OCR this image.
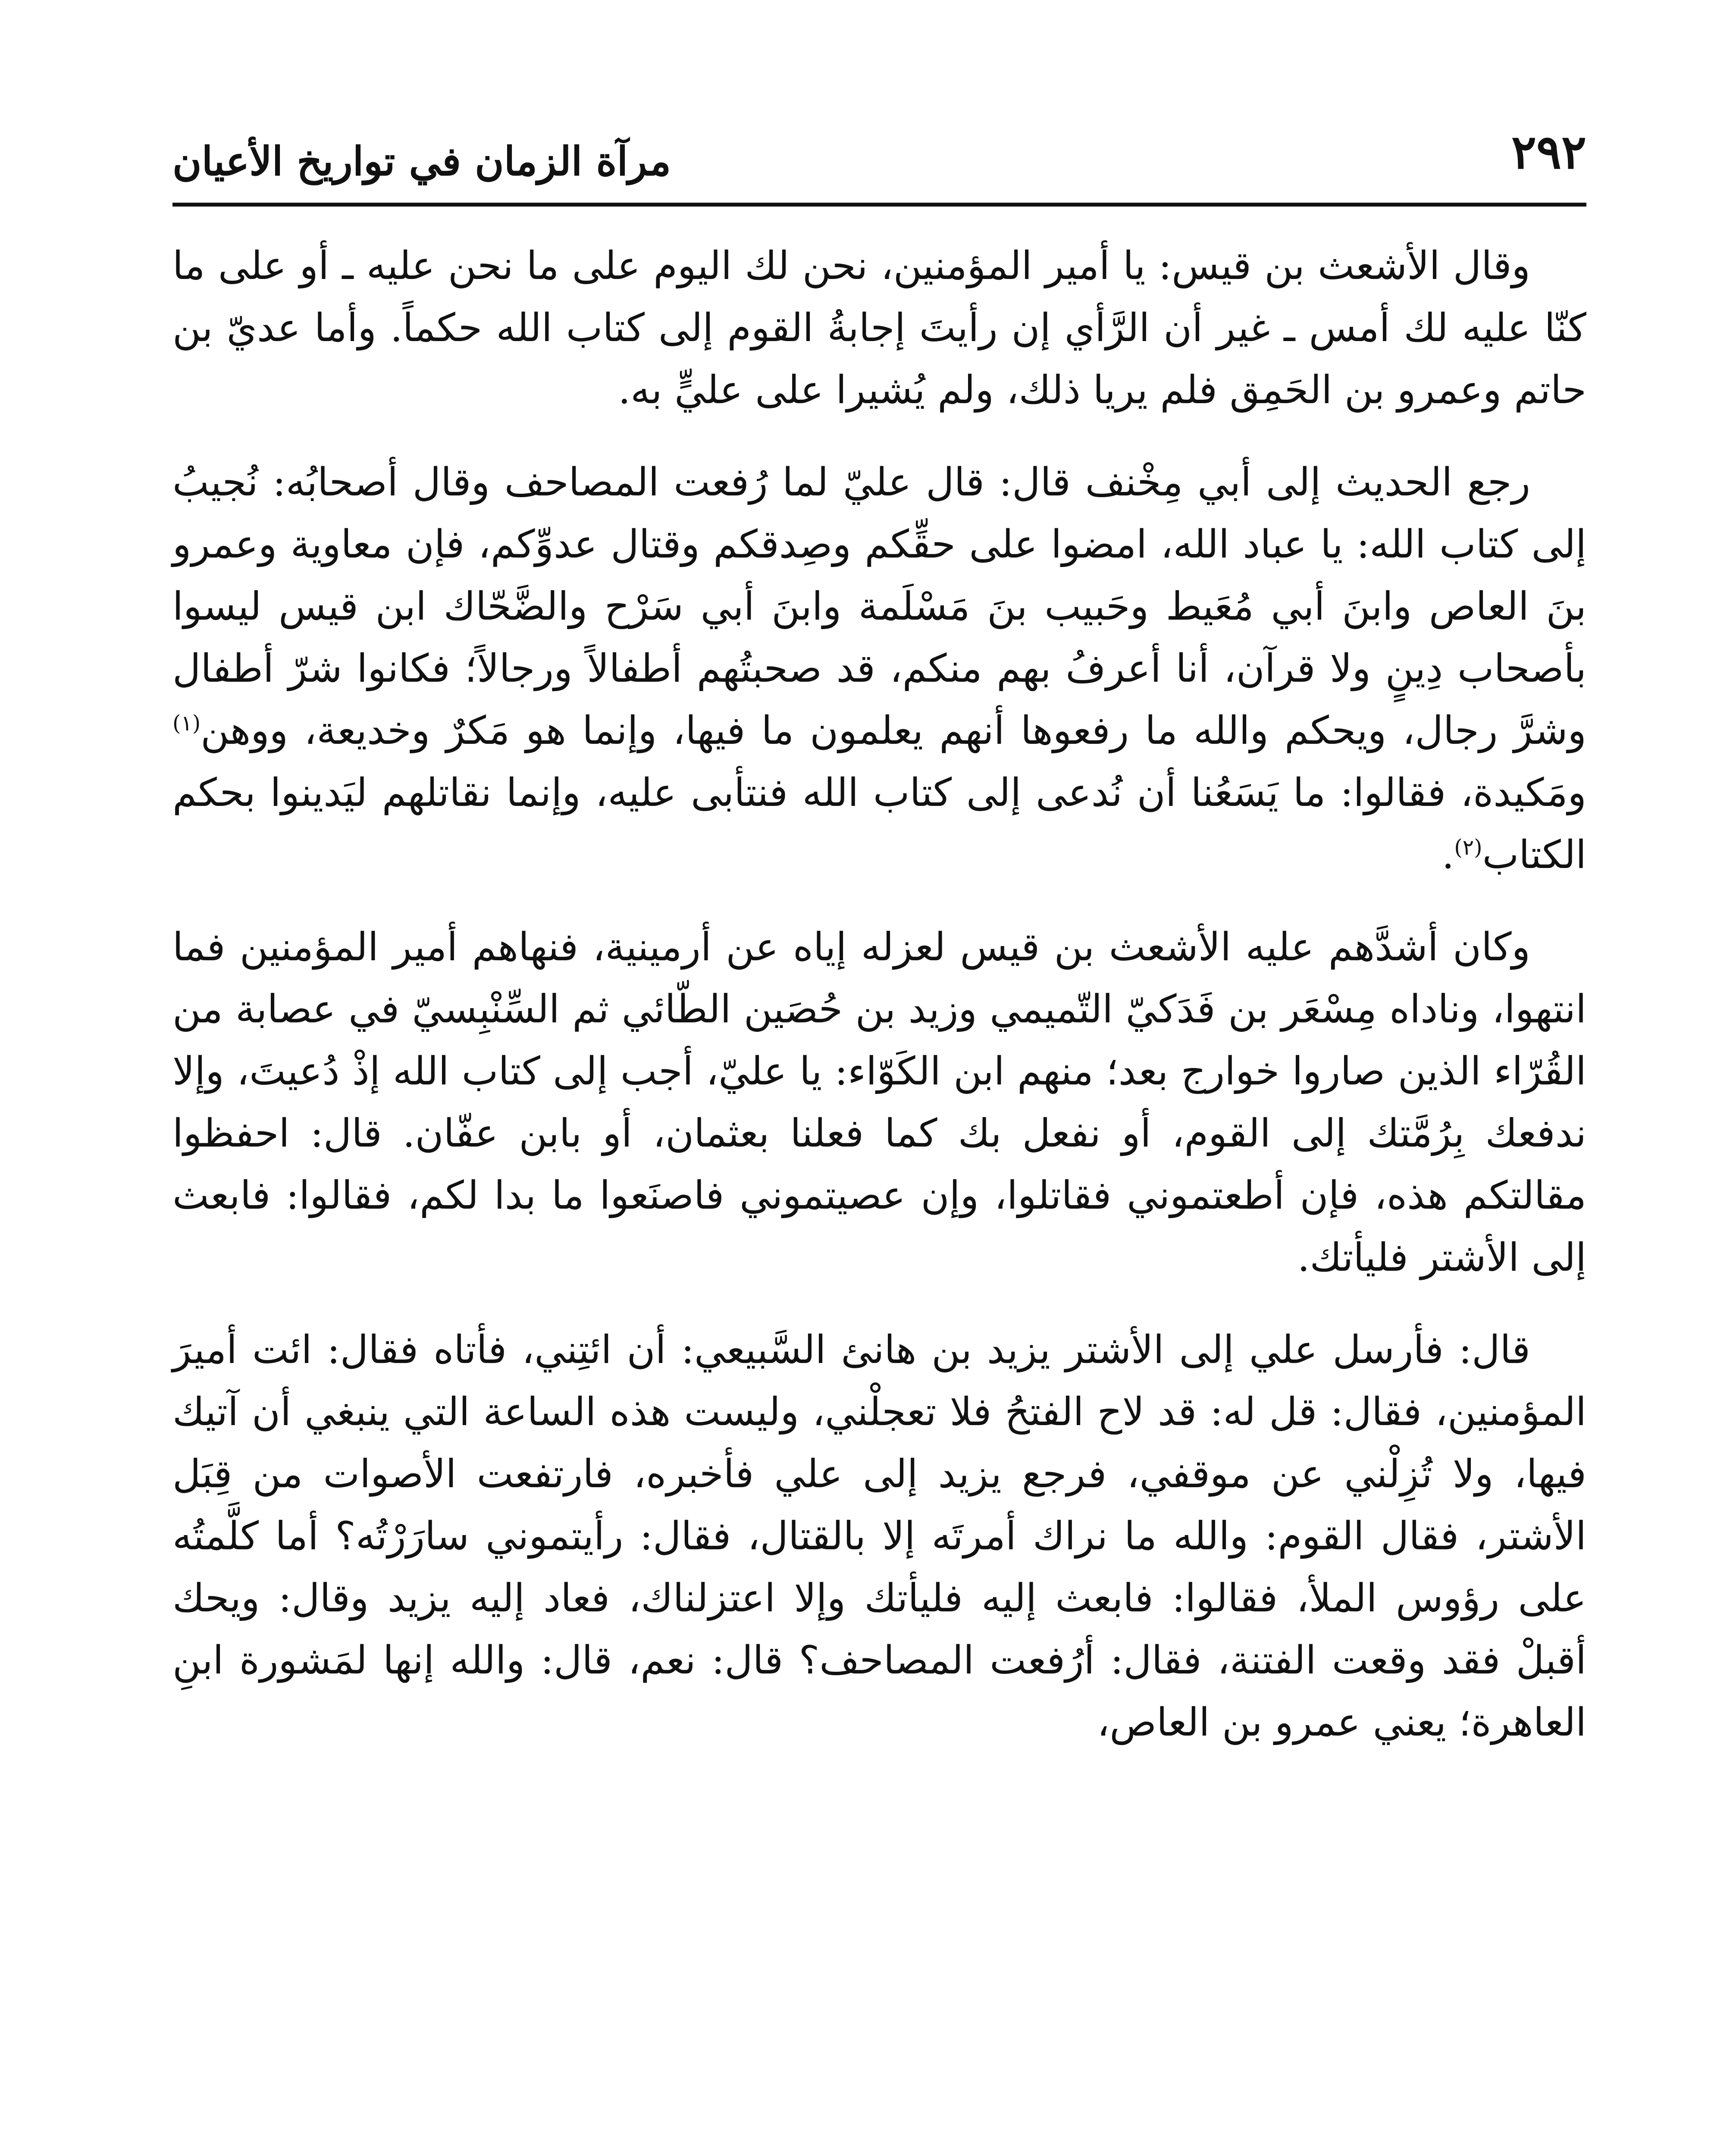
٢٩٢
مرآة الزمان في تواريخ الأعيان

وقال الأشعث بن قيس: يا أمير المؤمنين، نحن لك اليوم على ما نحن عليه ـ أو على ما كنّا عليه لك أمس ـ غير أن الرَّأي إن رأيتَ إجابةُ القوم إلى كتاب الله حكماً. وأما عديّ بن حاتم وعمرو بن الحَمِق فلم يريا ذلك، ولم يُشيرا على عليٍّ به.

رجع الحديث إلى أبي مِخْنف قال: قال عليّ لما رُفعت المصاحف وقال أصحابُه: نُجيبُ إلى كتاب الله: يا عباد الله، امضوا على حقِّكم وصِدقكم وقتال عدوِّكم، فإن معاوية وعمرو بنَ العاص وابنَ أبي مُعَيط وحَبيب بنَ مَسْلَمة وابنَ أبي سَرْح والضَّحّاك ابن قيس ليسوا بأصحاب دِينٍ ولا قرآن، أنا أعرفُ بهم منكم، قد صحبتُهم أطفالاً ورجالاً؛ فكانوا شرّ أطفال وشرَّ رجال، ويحكم والله ما رفعوها أنهم يعلمون ما فيها، وإنما هو مَكرٌ وخديعة، ووهن$^{(١)}$ ومَكيدة، فقالوا: ما يَسَعُنا أن نُدعى إلى كتاب الله فنتأبى عليه، وإنما نقاتلهم ليَدينوا بحكم الكتاب$^{(٢)}$.

وكان أشدَّهم عليه الأشعث بن قيس لعزله إياه عن أرمينية، فنهاهم أمير المؤمنين فما انتهوا، وناداه مِسْعَر بن فَدَكيّ التّميمي وزيد بن حُصَين الطّائي ثم السِّنْبِسيّ في عصابة من القُرّاء الذين صاروا خوارج بعد؛ منهم ابن الكَوّاء: يا عليّ، أجب إلى كتاب الله إذْ دُعيتَ، وإلا ندفعك بِرُمَّتك إلى القوم، أو نفعل بك كما فعلنا بعثمان، أو بابن عفّان. قال: احفظوا مقالتكم هذه، فإن أطعتموني فقاتلوا، وإن عصيتموني فاصنَعوا ما بدا لكم، فقالوا: فابعث إلى الأشتر فليأتك.

قال: فأرسل علي إلى الأشتر يزيد بن هانئ السَّبيعي: أن ائتِني، فأتاه فقال: ائت أميرَ المؤمنين، فقال: قل له: قد لاح الفتحُ فلا تعجلْني، وليست هذه الساعة التي ينبغي أن آتيك فيها، ولا تُزِلْني عن موقفي، فرجع يزيد إلى علي فأخبره، فارتفعت الأصوات من قِبَل الأشتر، فقال القوم: والله ما نراك أمرتَه إلا بالقتال، فقال: رأيتموني سارَرْتُه؟ أما كلَّمتُه على رؤوس الملأ، فقالوا: فابعث إليه فليأتك وإلا اعتزلناك، فعاد إليه يزيد وقال: ويحك أقبلْ فقد وقعت الفتنة، فقال: أرُفعت المصاحف؟ قال: نعم، قال: والله إنها لمَشورة ابنِ العاهرة؛ يعني عمرو بن العاص،
